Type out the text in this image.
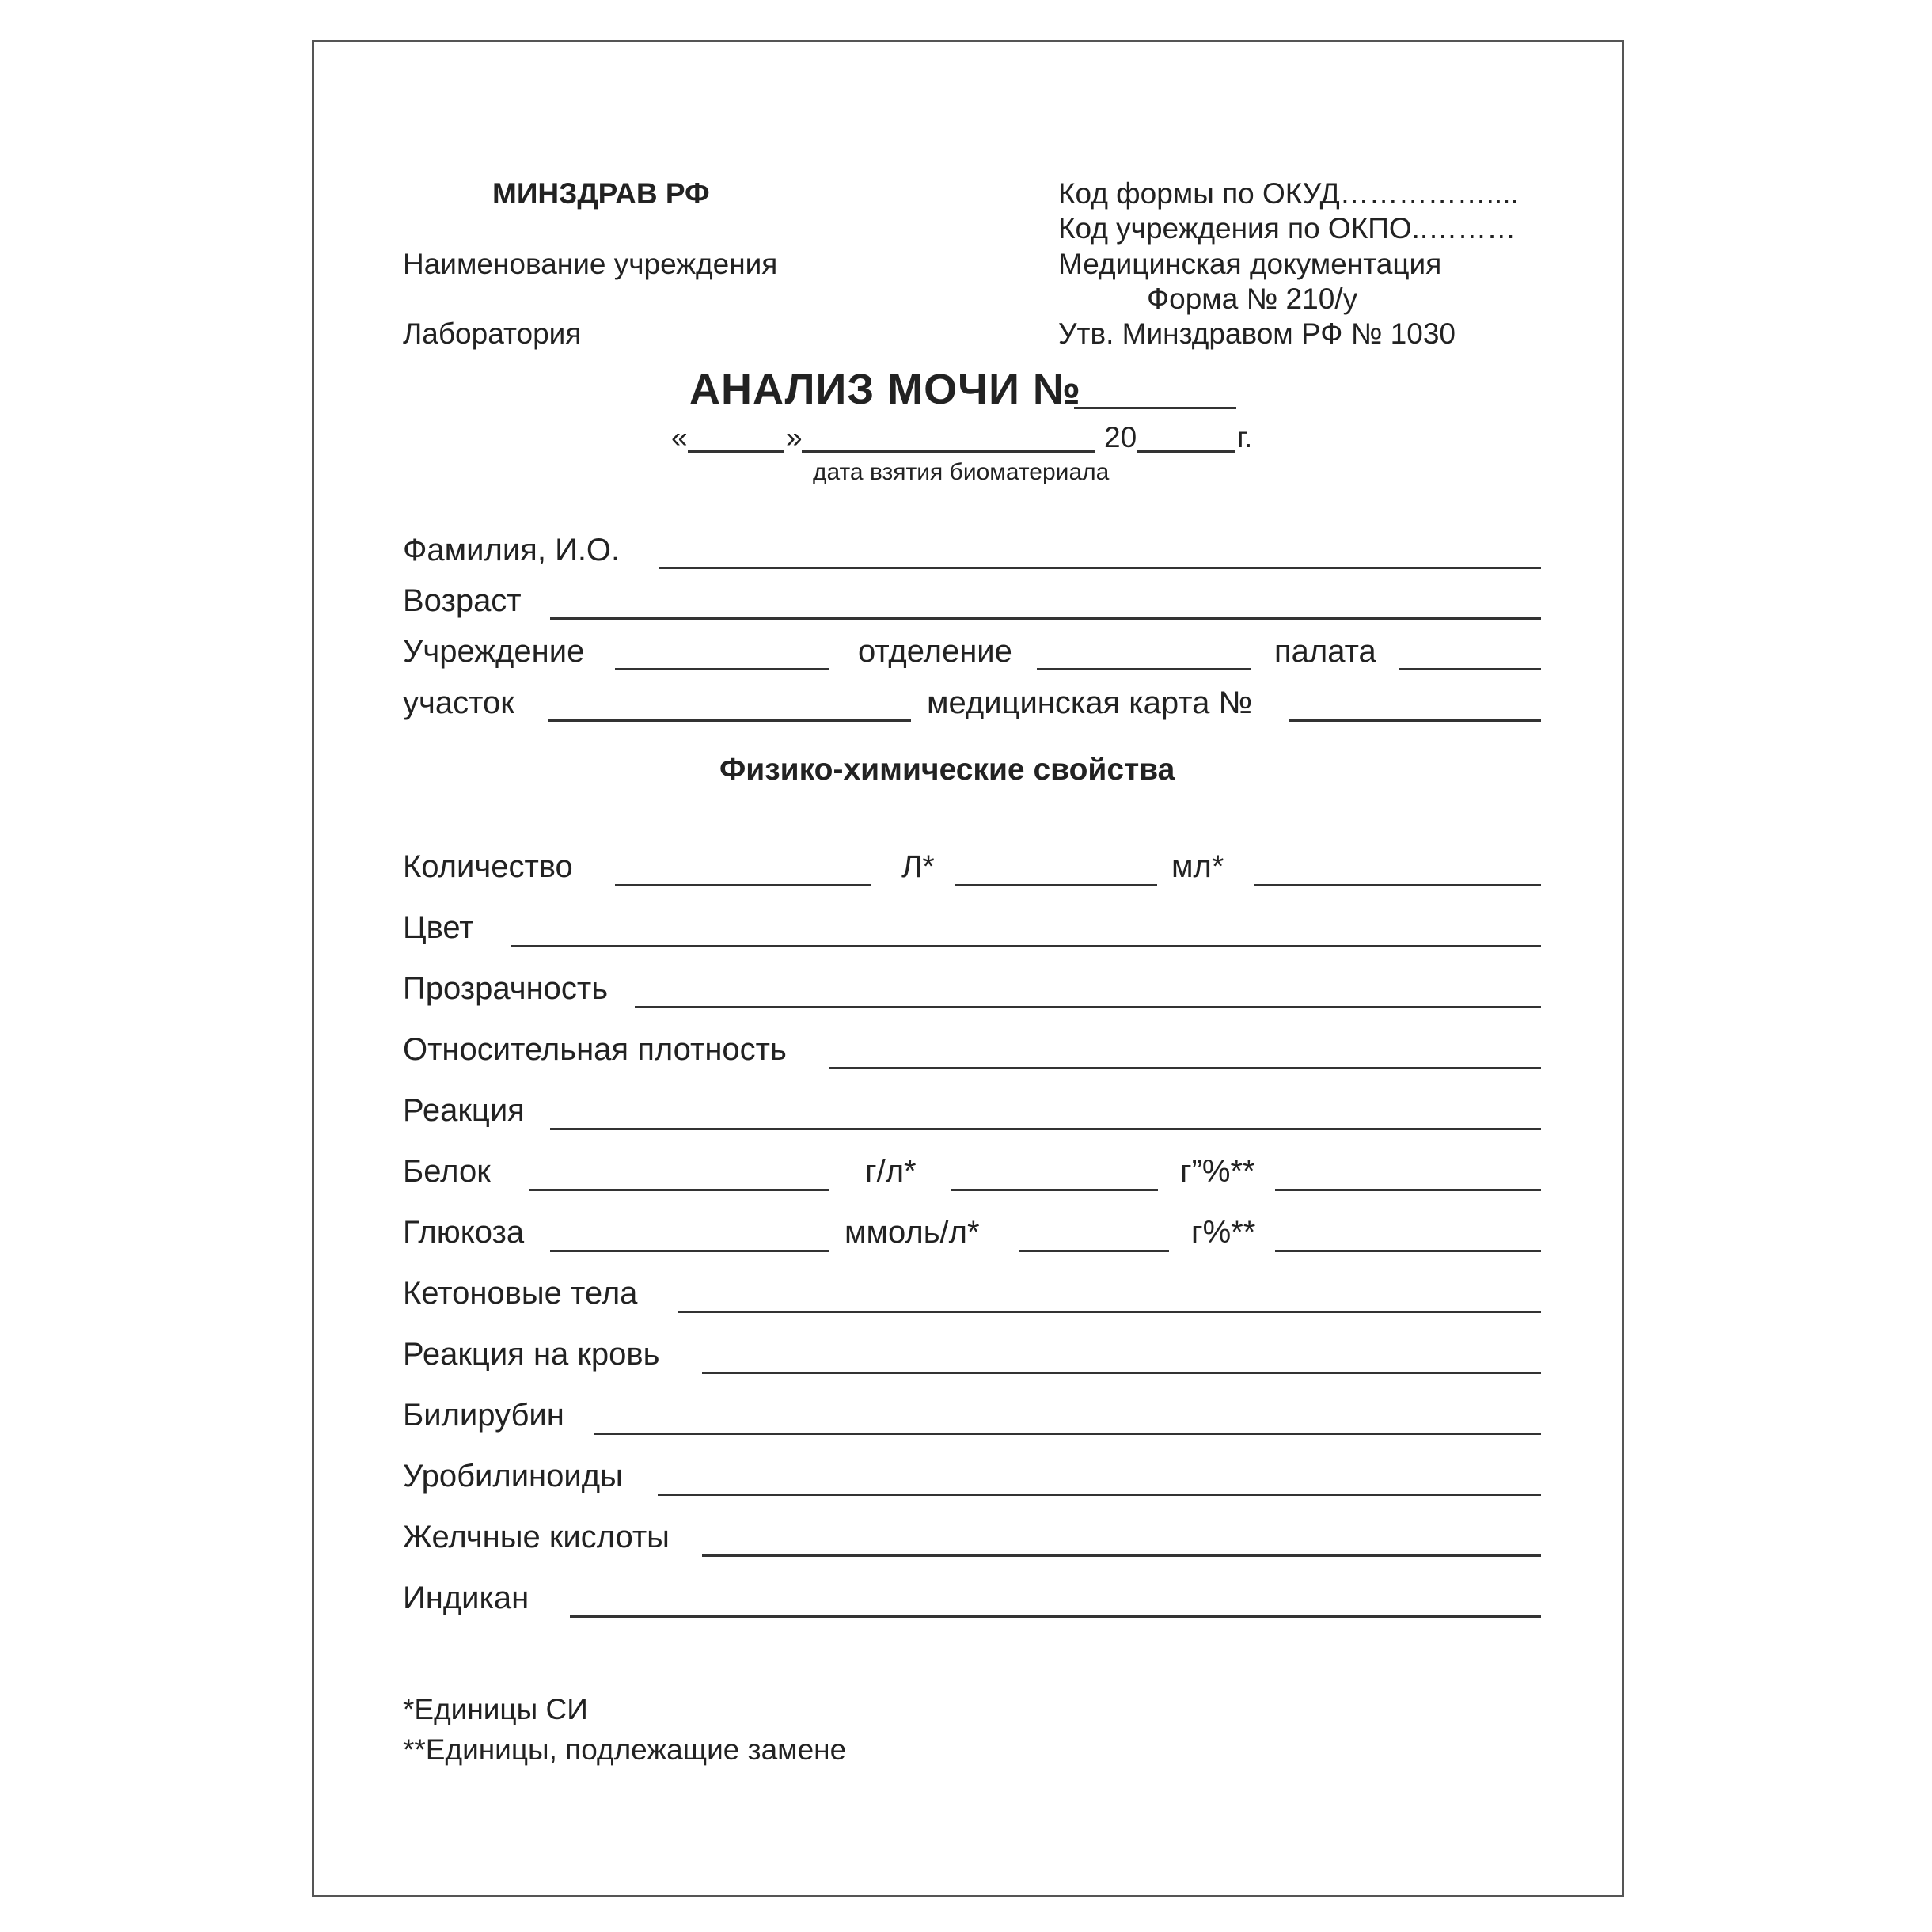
МИНЗДРАВ РФ
Наименование учреждения
Лаборатория
Код формы по ОКУД……………....
Код учреждения по ОКПО..………
Медицинская документация
Форма № 210/у
Утв. Минздравом РФ № 1030
АНАЛИЗ МОЧИ №
«	»	20	г.
дата взятия биоматериала
Фамилия, И.О.
Возраст
Учреждение	отделение	палата
участок	медицинская карта №
Физико-химические свойства
Количество	Л*	мл*
Цвет
Прозрачность
Относительная плотность
Реакция
Белок	г/л*	г”%**
Глюкоза	ммоль/л*	г%**
Кетоновые тела
Реакция на кровь
Билирубин
Уробилиноиды
Желчные кислоты
Индикан
*Единицы СИ
**Единицы, подлежащие замене
